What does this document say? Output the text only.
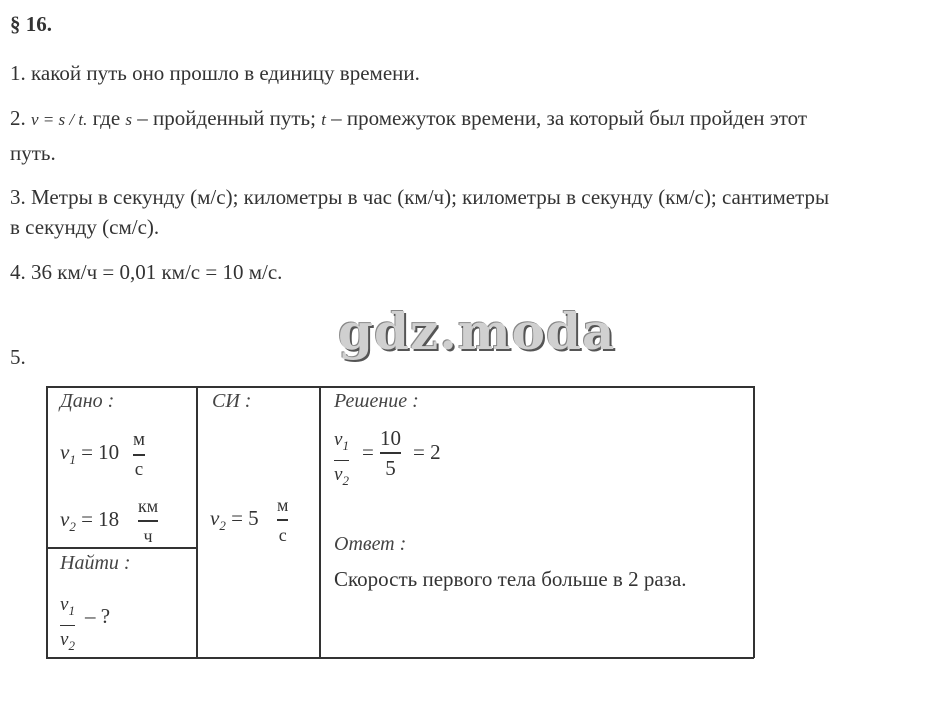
§ 16.
1. какой путь оно прошло в единицу времени.
2. v = s / t. где s – пройденный путь; t – промежуток времени, за который был пройден этот
путь.
3. Метры в секунду (м/с); километры в час (км/ч); километры в секунду (км/с); сантиметры
в секунду (см/с).
4. 36 км/ч = 0,01 км/с = 10 м/с.
gdz.moda
5.
Дано :
$v_1 = 10$
м
с
$v_2 = 18$
км
ч
Найти :
$v_1$
$v_2$
– ?
СИ :
$v_2 = 5$
м
с
Решение :
$v_1$
$v_2$
=
10
5
= 2
Ответ :
Скорость первого тела больше в 2 раза.
